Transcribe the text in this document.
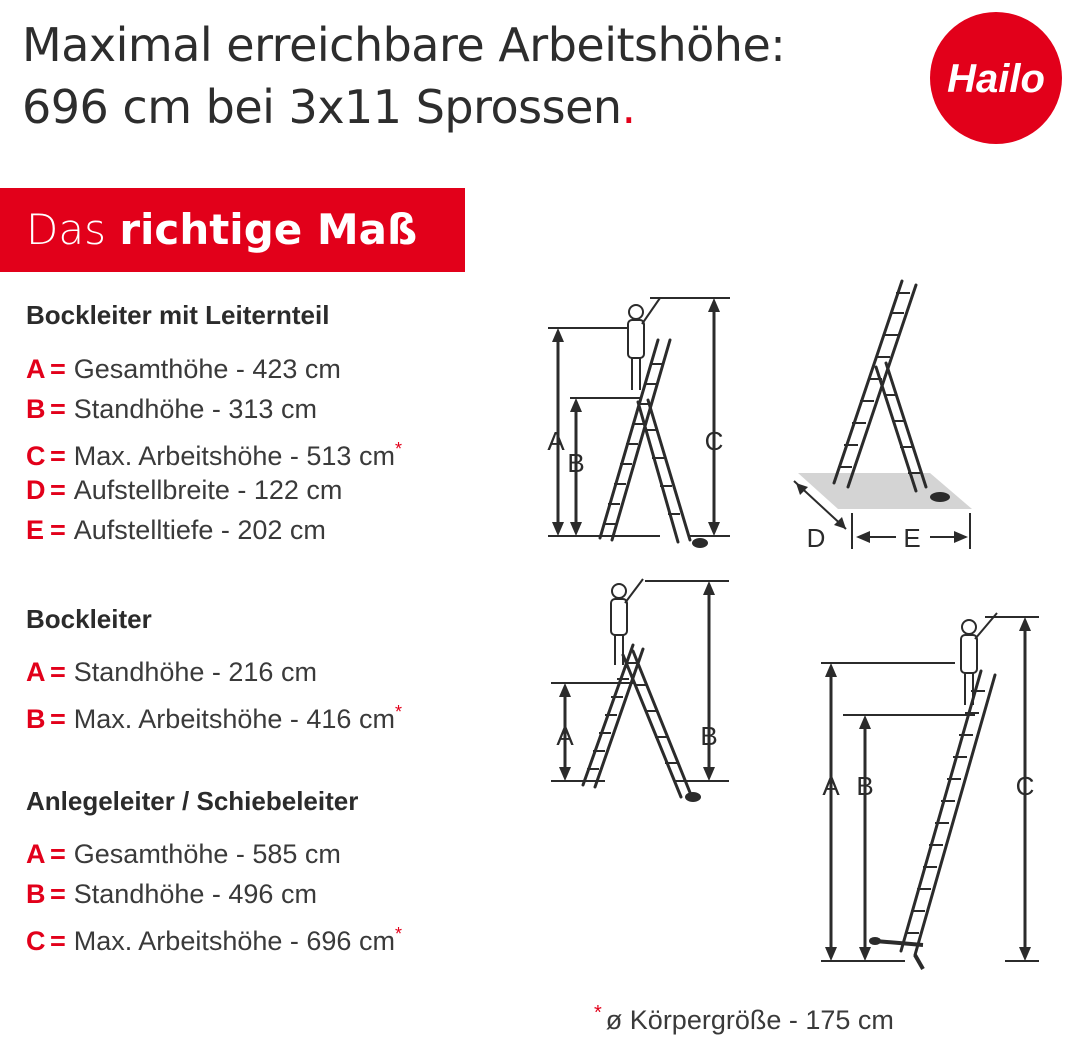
Maximal erreichbare Arbeitshöhe:
696 cm bei 3x11 Sprossen.
Hailo
Das richtige Maß
Bockleiter mit Leiternteil
A = Gesamthöhe - 423 cm
B = Standhöhe - 313 cm
C = Max. Arbeitshöhe - 513 cm*
D = Aufstellbreite - 122 cm
E = Aufstelltiefe - 202 cm
Bockleiter
A = Standhöhe - 216 cm
B = Max. Arbeitshöhe - 416 cm*
Anlegeleiter / Schiebeleiter
A = Gesamthöhe - 585 cm
B = Standhöhe - 496 cm
C = Max. Arbeitshöhe - 696 cm*
A
B
C
D	E
A	B
A B	C
* ø Körpergröße - 175 cm
